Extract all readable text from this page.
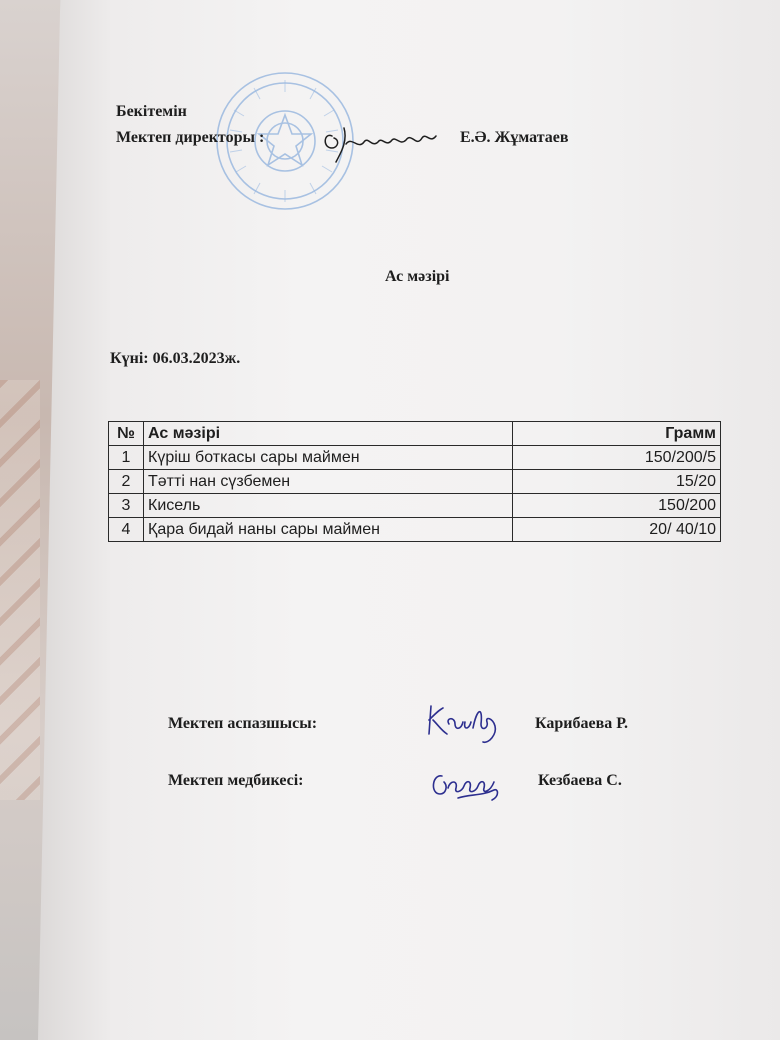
Бекітемін
Мектеп директоры :	Е.Ә. Жұматаев
Ас мәзірі
Күні: 06.03.2023ж.
№	Ас мәзірі	Грамм
1	Күріш боткасы сары маймен	150/200/5
2	Тәтті нан сүзбемен	15/20
3	Кисель	150/200
4	Қара бидай наны сары маймен	20/ 40/10
Мектеп аспазшысы:	Карибаева Р.
Мектеп медбикесі:	Кезбаева С.
